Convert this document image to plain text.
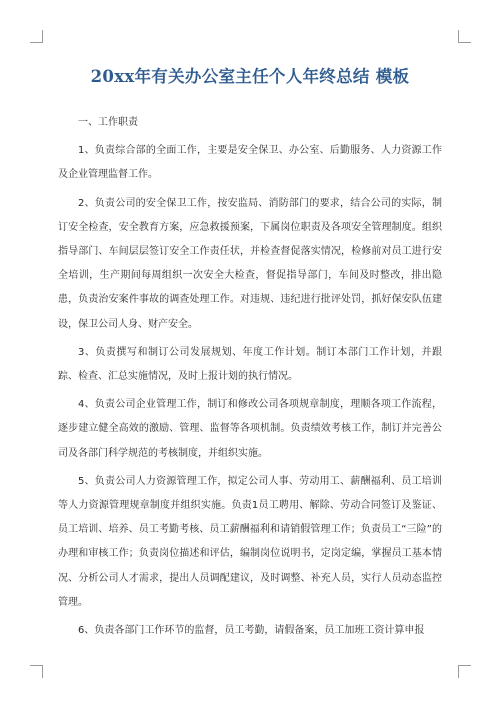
20xx年有关办公室主任个人年终总结 模板

一、工作职责

1、负责综合部的全面工作，主要是安全保卫、办公室、后勤服务、人力资源工作及企业管理监督工作。

2、负责公司的安全保卫工作，按安监局、消防部门的要求，结合公司的实际，制订安全检查，安全教育方案，应急救援预案，下属岗位职责及各项安全管理制度。组织指导部门、车间层层签订安全工作责任状，并检查督促落实情况，检修前对员工进行安全培训，生产期间每周组织一次安全大检查，督促指导部门，车间及时整改，排出隐患，负责治安案件事故的调查处理工作。对违规、违纪进行批评处罚，抓好保安队伍建设，保卫公司人身、财产安全。

3、负责撰写和制订公司发展规划、年度工作计划。制订本部门工作计划，并跟踪、检查、汇总实施情况，及时上报计划的执行情况。

4、负责公司企业管理工作，制订和修改公司各项规章制度，理顺各项工作流程，逐步建立健全高效的激励、管理、监督等各项机制。负责绩效考核工作，制订并完善公司及各部门科学规范的考核制度，并组织实施。

5、负责公司人力资源管理工作，拟定公司人事、劳动用工、薪酬福利、员工培训等人力资源管理规章制度并组织实施。负责1员工聘用、解除、劳动合同签订及鉴证、员工培训、培养、员工考勤考核、员工薪酬福利和请销假管理工作；负责员工“三险”的办理和审核工作；负责岗位描述和评估，编制岗位说明书，定岗定编，掌握员工基本情况、分析公司人才需求，提出人员调配建议，及时调整、补充人员，实行人员动态监控管理。

6、负责各部门工作环节的监督，员工考勤，请假备案，员工加班工资计算申报
